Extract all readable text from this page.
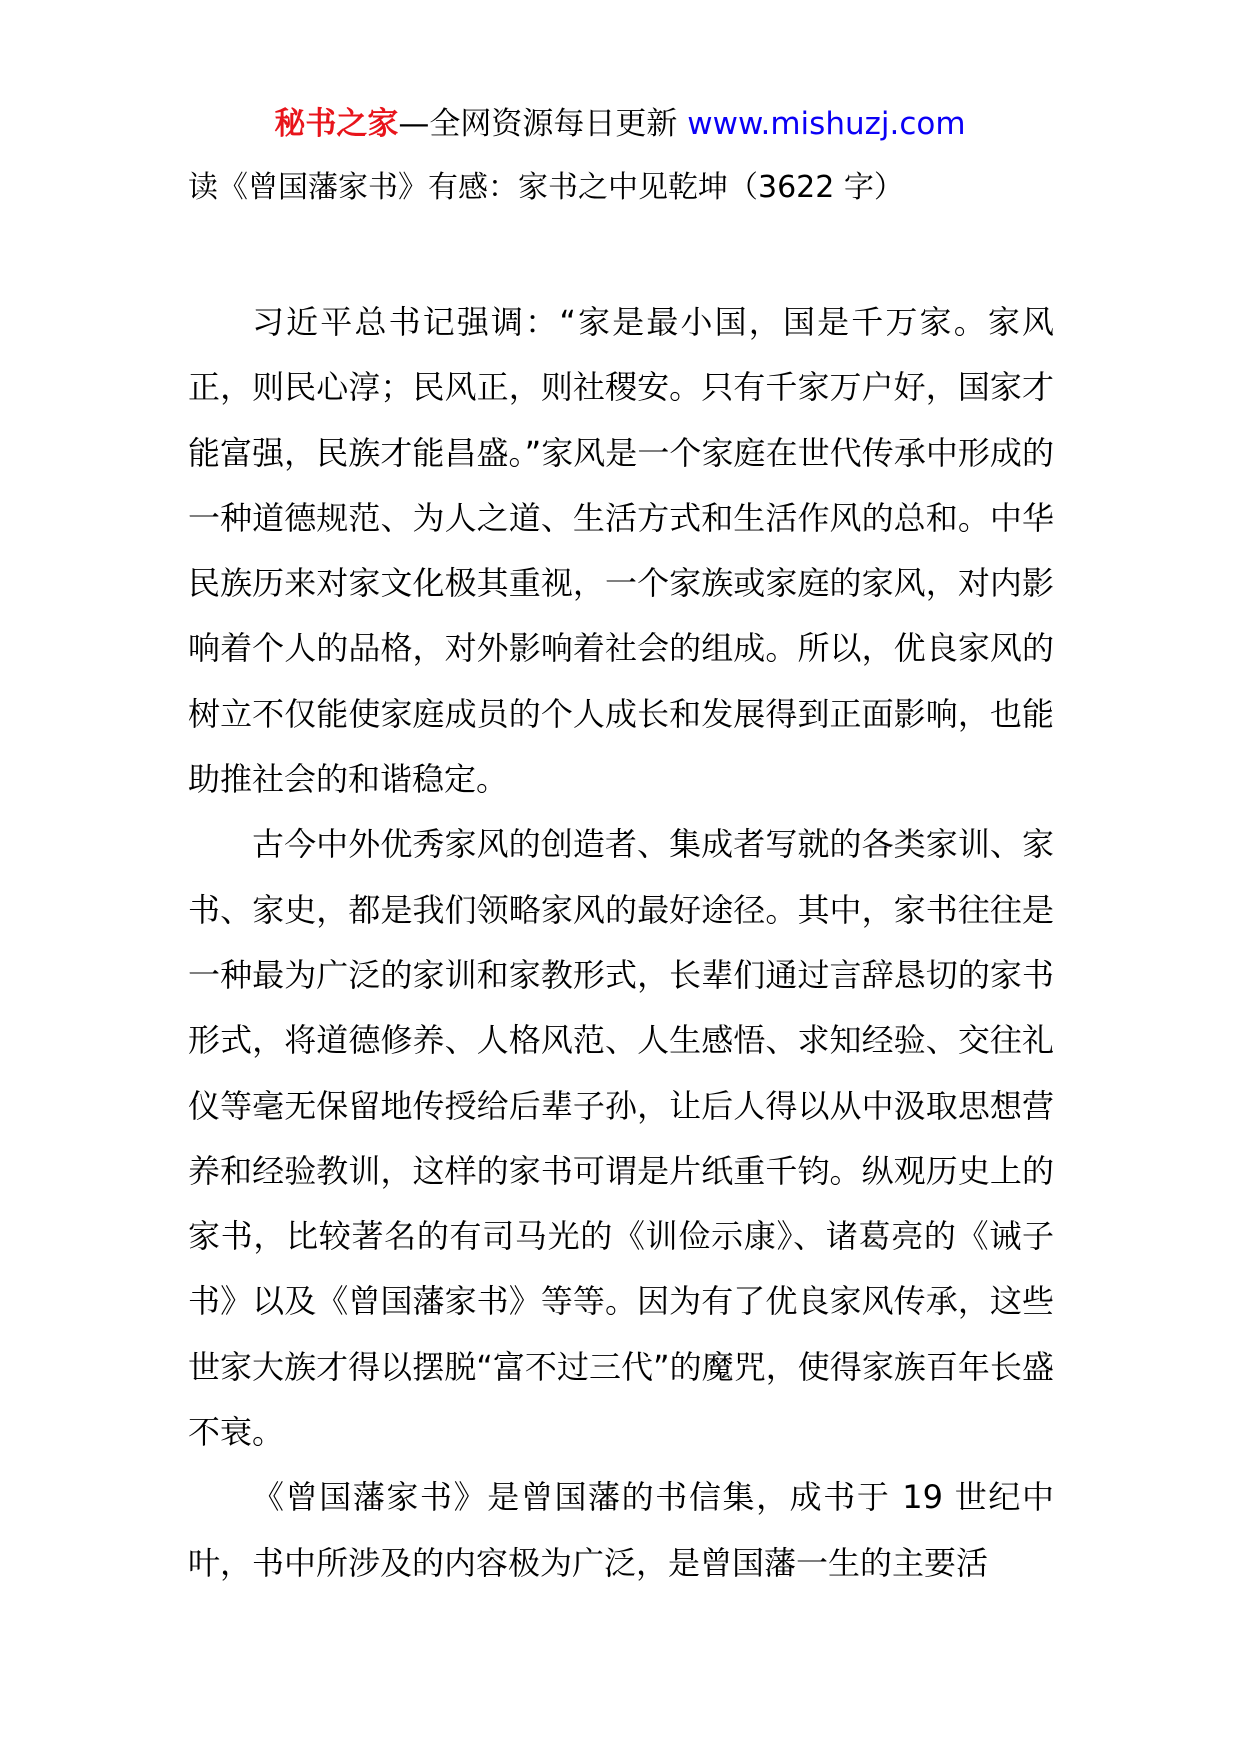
秘书之家—全网资源每日更新 www.mishuzj.com
读《曾国藩家书》有感：家书之中见乾坤（3622 字）

习近平总书记强调：“家是最小国，国是千万家。家风正，则民心淳；民风正，则社稷安。只有千家万户好，国家才能富强，民族才能昌盛。”家风是一个家庭在世代传承中形成的一种道德规范、为人之道、生活方式和生活作风的总和。中华民族历来对家文化极其重视，一个家族或家庭的家风，对内影响着个人的品格，对外影响着社会的组成。所以，优良家风的树立不仅能使家庭成员的个人成长和发展得到正面影响，也能助推社会的和谐稳定。

古今中外优秀家风的创造者、集成者写就的各类家训、家书、家史，都是我们领略家风的最好途径。其中，家书往往是一种最为广泛的家训和家教形式，长辈们通过言辞恳切的家书形式，将道德修养、人格风范、人生感悟、求知经验、交往礼仪等毫无保留地传授给后辈子孙，让后人得以从中汲取思想营养和经验教训，这样的家书可谓是片纸重千钧。纵观历史上的家书，比较著名的有司马光的《训俭示康》、诸葛亮的《诫子书》以及《曾国藩家书》等等。因为有了优良家风传承，这些世家大族才得以摆脱“富不过三代”的魔咒，使得家族百年长盛不衰。

《曾国藩家书》是曾国藩的书信集，成书于 19 世纪中叶，书中所涉及的内容极为广泛，是曾国藩一生的主要活
